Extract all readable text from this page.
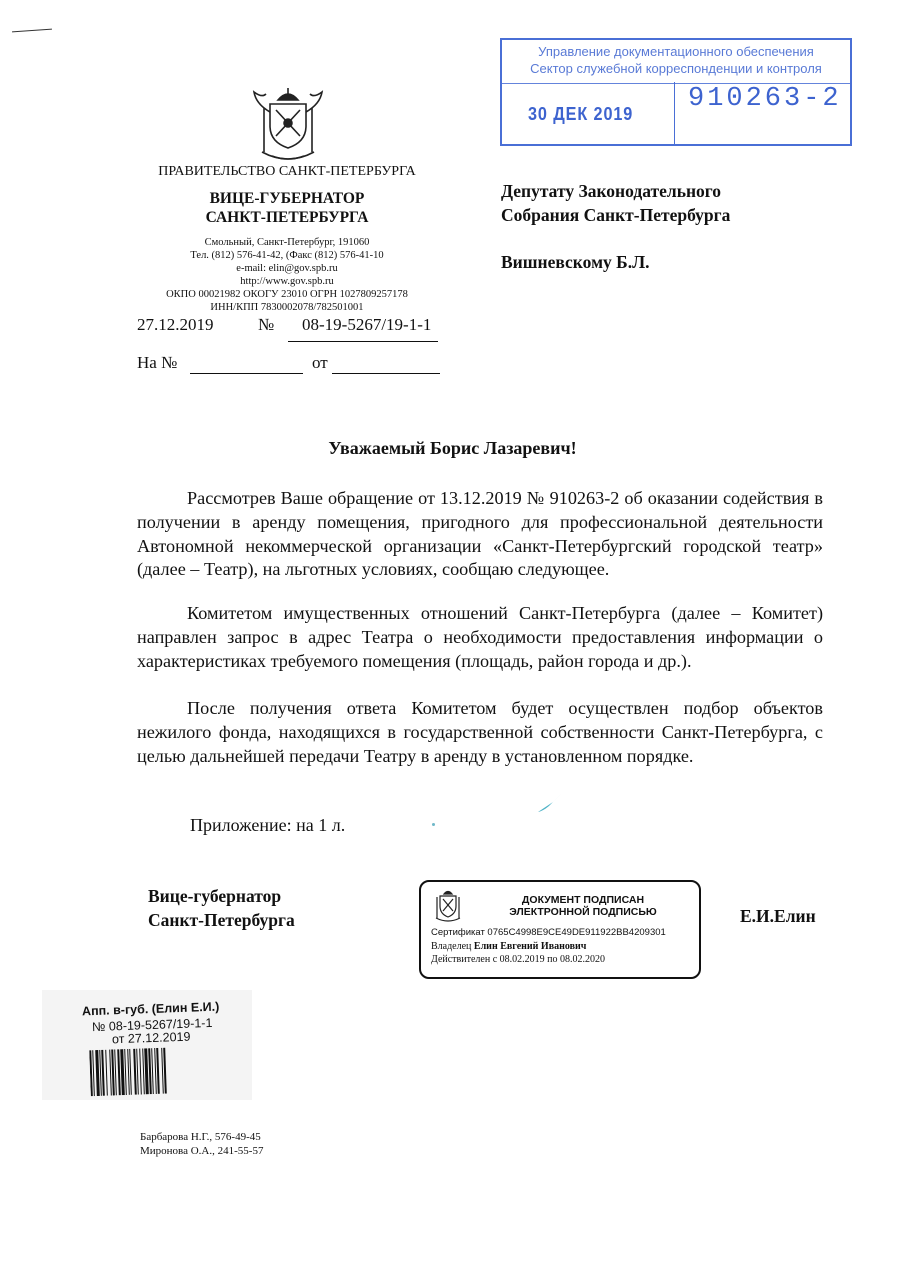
Управление документационного обеспечения
Сектор служебной корреспонденции и контроля
30 ДЕК 2019 910263-2
ПРАВИТЕЛЬСТВО САНКТ-ПЕТЕРБУРГА
ВИЦЕ-ГУБЕРНАТОР
САНКТ-ПЕТЕРБУРГА
Смольный, Санкт-Петербург, 191060
Тел. (812) 576-41-42, (Факс (812) 576-41-10
e-mail: elin@gov.spb.ru
http://www.gov.spb.ru
ОКПО 00021982 ОКОГУ 23010 ОГРН 1027809257178
ИНН/КПП 7830002078/782501001
27.12.2019	№ 08-19-5267/19-1-1
На №	от
Депутату Законодательного
Собрания Санкт-Петербурга
Вишневскому Б.Л.
Уважаемый Борис Лазаревич!
Рассмотрев Ваше обращение от 13.12.2019 № 910263-2 об оказании содействия в получении в аренду помещения, пригодного для профессиональной деятельности Автономной некоммерческой организации «Санкт-Петербургский городской театр» (далее – Театр), на льготных условиях, сообщаю следующее.
Комитетом имущественных отношений Санкт-Петербурга (далее – Комитет) направлен запрос в адрес Театра о необходимости предоставления информации о характеристиках требуемого помещения (площадь, район города и др.).
После получения ответа Комитетом будет осуществлен подбор объектов нежилого фонда, находящихся в государственной собственности Санкт-Петербурга, с целью дальнейшей передачи Театру в аренду в установленном порядке.
Приложение: на 1 л.
Вице-губернатор
Санкт-Петербурга
ДОКУМЕНТ ПОДПИСАН
ЭЛЕКТРОННОЙ ПОДПИСЬЮ
Сертификат 0765C4998E9CE49DE911922BB4209301
Владелец Елин Евгений Иванович
Действителен с 08.02.2019 по 08.02.2020
Е.И.Елин
Апп. в-губ. (Елин Е.И.)
№ 08-19-5267/19-1-1
от 27.12.2019
Барбарова Н.Г., 576-49-45
Миронова О.А., 241-55-57
